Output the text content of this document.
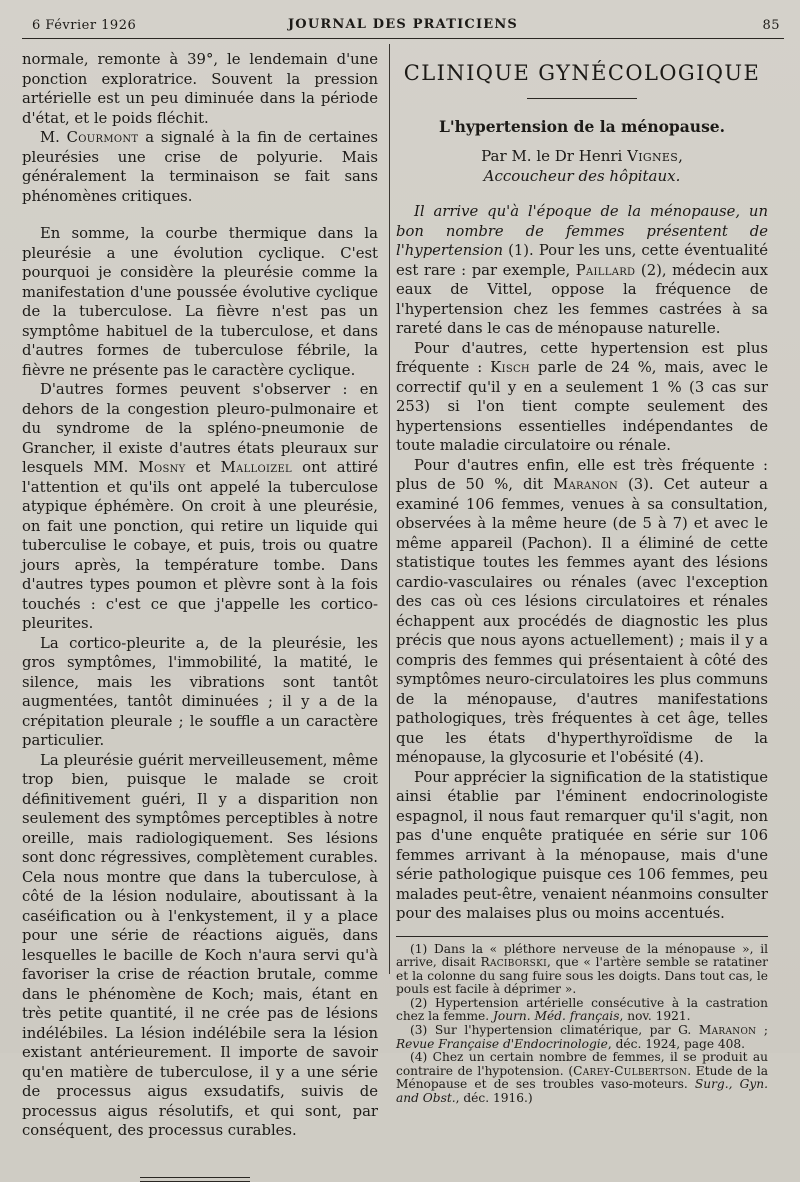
6 Février 1926	JOURNAL DES PRATICIENS	85

normale, remonte à 39°, le lendemain d'une ponction exploratrice. Souvent la pression artérielle est un peu diminuée dans la période d'état, et le poids fléchit.

M. Courmont a signalé à la fin de certaines pleurésies une crise de polyurie. Mais généralement la terminaison se fait sans phénomènes critiques.

En somme, la courbe thermique dans la pleurésie a une évolution cyclique. C'est pourquoi je considère la pleurésie comme la manifestation d'une poussée évolutive cyclique de la tuberculose. La fièvre n'est pas un symptôme habituel de la tuberculose, et dans d'autres formes de tuberculose fébrile, la fièvre ne présente pas le caractère cyclique.

D'autres formes peuvent s'observer : en dehors de la congestion pleuro-pulmonaire et du syndrome de la spléno-pneumonie de Grancher, il existe d'autres états pleuraux sur lesquels MM. Mosny et Malloizel ont attiré l'attention et qu'ils ont appelé la tuberculose atypique éphémère. On croit à une pleurésie, on fait une ponction, qui retire un liquide qui tuberculise le cobaye, et puis, trois ou quatre jours après, la température tombe. Dans d'autres types poumon et plèvre sont à la fois touchés : c'est ce que j'appelle les cortico-pleurites.

La cortico-pleurite a, de la pleurésie, les gros symptômes, l'immobilité, la matité, le silence, mais les vibrations sont tantôt augmentées, tantôt diminuées ; il y a de la crépitation pleurale ; le souffle a un caractère particulier.

La pleurésie guérit merveilleusement, même trop bien, puisque le malade se croit définitivement guéri, Il y a disparition non seulement des symptômes perceptibles à notre oreille, mais radiologiquement. Ses lésions sont donc régressives, complètement curables. Cela nous montre que dans la tuberculose, à côté de la lésion nodulaire, aboutissant à la caséification ou à l'enkystement, il y a place pour une série de réactions aiguës, dans lesquelles le bacille de Koch n'aura servi qu'à favoriser la crise de réaction brutale, comme dans le phénomène de Koch; mais, étant en très petite quantité, il ne crée pas de lésions indélébiles. La lésion indélébile sera la lésion existant antérieurement. Il importe de savoir qu'en matière de tuberculose, il y a une série de processus aigus exsudatifs, suivis de processus aigus résolutifs, et qui sont, par conséquent, des processus curables.

CLINIQUE GYNÉCOLOGIQUE
L'hypertension de la ménopause.
Par M. le Dr Henri Vignes,
Accoucheur des hôpitaux.

Il arrive qu'à l'époque de la ménopause, un bon nombre de femmes présentent de l'hypertension (1). Pour les uns, cette éventualité est rare : par exemple, Paillard (2), médecin aux eaux de Vittel, oppose la fréquence de l'hypertension chez les femmes castrées à sa rareté dans le cas de ménopause naturelle.

Pour d'autres, cette hypertension est plus fréquente : Kisch parle de 24 %, mais, avec le correctif qu'il y en a seulement 1 % (3 cas sur 253) si l'on tient compte seulement des hypertensions essentielles indépendantes de toute maladie circulatoire ou rénale.

Pour d'autres enfin, elle est très fréquente : plus de 50 %, dit Maranon (3). Cet auteur a examiné 106 femmes, venues à sa consultation, observées à la même heure (de 5 à 7) et avec le même appareil (Pachon). Il a éliminé de cette statistique toutes les femmes ayant des lésions cardio-vasculaires ou rénales (avec l'exception des cas où ces lésions circulatoires et rénales échappent aux procédés de diagnostic les plus précis que nous ayons actuellement) ; mais il y a compris des femmes qui présentaient à côté des symptômes neuro-circulatoires les plus communs de la ménopause, d'autres manifestations pathologiques, très fréquentes à cet âge, telles que les états d'hyperthyroïdisme de la ménopause, la glycosurie et l'obésité (4).

Pour apprécier la signification de la statistique ainsi établie par l'éminent endocrinologiste espagnol, il nous faut remarquer qu'il s'agit, non pas d'une enquête pratiquée en série sur 106 femmes arrivant à la ménopause, mais d'une série pathologique puisque ces 106 femmes, peu malades peut-être, venaient néanmoins consulter pour des malaises plus ou moins accentués.

(1) Dans la « pléthore nerveuse de la ménopause », il arrive, disait Raciborski, que « l'artère semble se ratatiner et la colonne du sang fuire sous les doigts. Dans tout cas, le pouls est facile à déprimer ».

(2) Hypertension artérielle consécutive à la castration chez la femme. Journ. Méd. français, nov. 1921.

(3) Sur l'hypertension climatérique, par G. Maranon ; Revue Française d'Endocrinologie, déc. 1924, page 408.

(4) Chez un certain nombre de femmes, il se produit au contraire de l'hypotension. (Carey-Culbertson. Etude de la Ménopause et de ses troubles vaso-moteurs. Surg., Gyn. and Obst., déc. 1916.)
